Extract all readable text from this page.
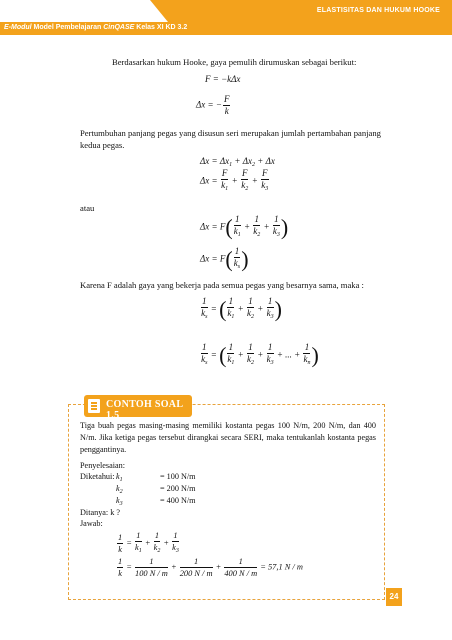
ELASTISITAS DAN HUKUM HOOKE
E-Modul Model Pembelajaran CinQASE Kelas XI KD 3.2
Berdasarkan hukum Hooke, gaya pemulih dirumuskan sebagai berikut:
F = −kΔx
Δx = − $\frac{F}{k}$
Pertumbuhan panjang pegas yang disusun seri merupakan jumlah pertambahan panjang kedua pegas.
$\Delta x = \Delta x_1 + \Delta x_2 + \Delta x$
$\Delta x = \frac{F}{k_1} + \frac{F}{k_2} + \frac{F}{k_3}$
atau
$\Delta x = F( \frac{1}{k_1} + \frac{1}{k_2} + \frac{1}{k_3}$ )
$\Delta x = F( \frac{1}{k_s}$ )
Karena F adalah gaya yang bekerja pada semua pegas yang besarnya sama, maka :
$\frac{1}{k_s}$ = ( $\frac{1}{k_1} + \frac{1}{k_2} + \frac{1}{k_3}$ )
$\frac{1}{k_s}$ = ( $\frac{1}{k_1} + \frac{1}{k_2} + \frac{1}{k_3}$ + ... + $\frac{1}{k_n}$ )
CONTOH SOAL 1.5
Tiga buah pegas masing-masing memiliki kostanta pegas 100 N/m, 200 N/m, dan 400 N/m. Jika ketiga pegas tersebut dirangkai secara SERI, maka tentukanlah kostanta pegas penggantinya.
Penyelesaian:
Diketahui: $k_1$	= 100 N/m
$k_2$	= 200 N/m
$k_3$	= 400 N/m
Ditanya: k ?
Jawab:
$\frac{1}{k} = \frac{1}{k_1} + \frac{1}{k_2} + \frac{1}{k_3}$
$\frac{1}{k} = \frac{1}{100 N / m} + \frac{1}{200 N / m} + \frac{1}{400 N / m} = 57,1$ N / m
24
